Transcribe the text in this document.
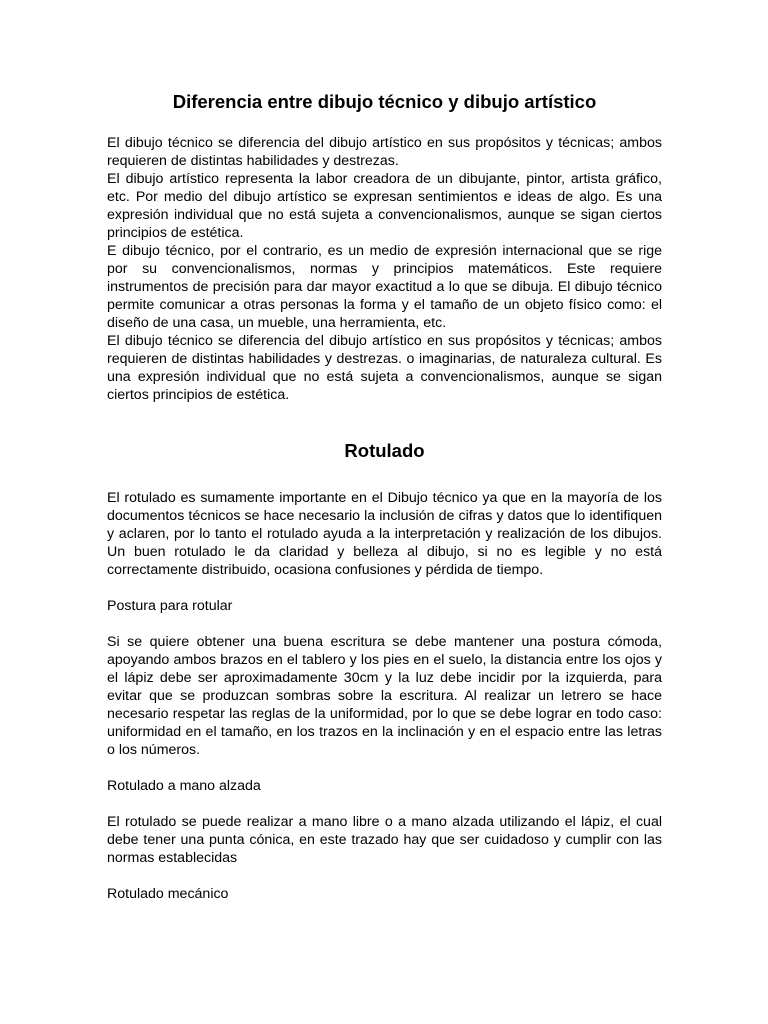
Diferencia entre dibujo técnico y dibujo artístico

El dibujo técnico se diferencia del dibujo artístico en sus propósitos y técnicas; ambos requieren de distintas habilidades y destrezas.

El dibujo artístico representa la labor creadora de un dibujante, pintor, artista gráfico, etc. Por medio del dibujo artístico se expresan sentimientos e ideas de algo. Es una expresión individual que no está sujeta a convencionalismos, aunque se sigan ciertos principios de estética.

E dibujo técnico, por el contrario, es un medio de expresión internacional que se rige por su convencionalismos, normas y principios matemáticos. Este requiere instrumentos de precisión para dar mayor exactitud a lo que se dibuja. El dibujo técnico permite comunicar a otras personas la forma y el tamaño de un objeto físico como: el diseño de una casa, un mueble, una herramienta, etc.

El dibujo técnico se diferencia del dibujo artístico en sus propósitos y técnicas; ambos requieren de distintas habilidades y destrezas. o imaginarias, de naturaleza cultural. Es una expresión individual que no está sujeta a convencionalismos, aunque se sigan ciertos principios de estética.

Rotulado

El rotulado es sumamente importante en el Dibujo técnico ya que en la mayoría de los documentos técnicos se hace necesario la inclusión de cifras y datos que lo identifiquen y aclaren, por lo tanto el rotulado ayuda a la interpretación y realización de los dibujos. Un buen rotulado le da claridad y belleza al dibujo, si no es legible y no está correctamente distribuido, ocasiona confusiones y pérdida de tiempo.

Postura para rotular

Si se quiere obtener una buena escritura se debe mantener una postura cómoda, apoyando ambos brazos en el tablero y los pies en el suelo, la distancia entre los ojos y el lápiz debe ser aproximadamente 30cm y la luz debe incidir por la izquierda, para evitar que se produzcan sombras sobre la escritura. Al realizar un letrero se hace necesario respetar las reglas de la uniformidad, por lo que se debe lograr en todo caso: uniformidad en el tamaño, en los trazos en la inclinación y en el espacio entre las letras o los números.

Rotulado a mano alzada

El rotulado se puede realizar a mano libre o a mano alzada utilizando el lápiz, el cual debe tener una punta cónica, en este trazado hay que ser cuidadoso y cumplir con las normas establecidas

Rotulado mecánico
